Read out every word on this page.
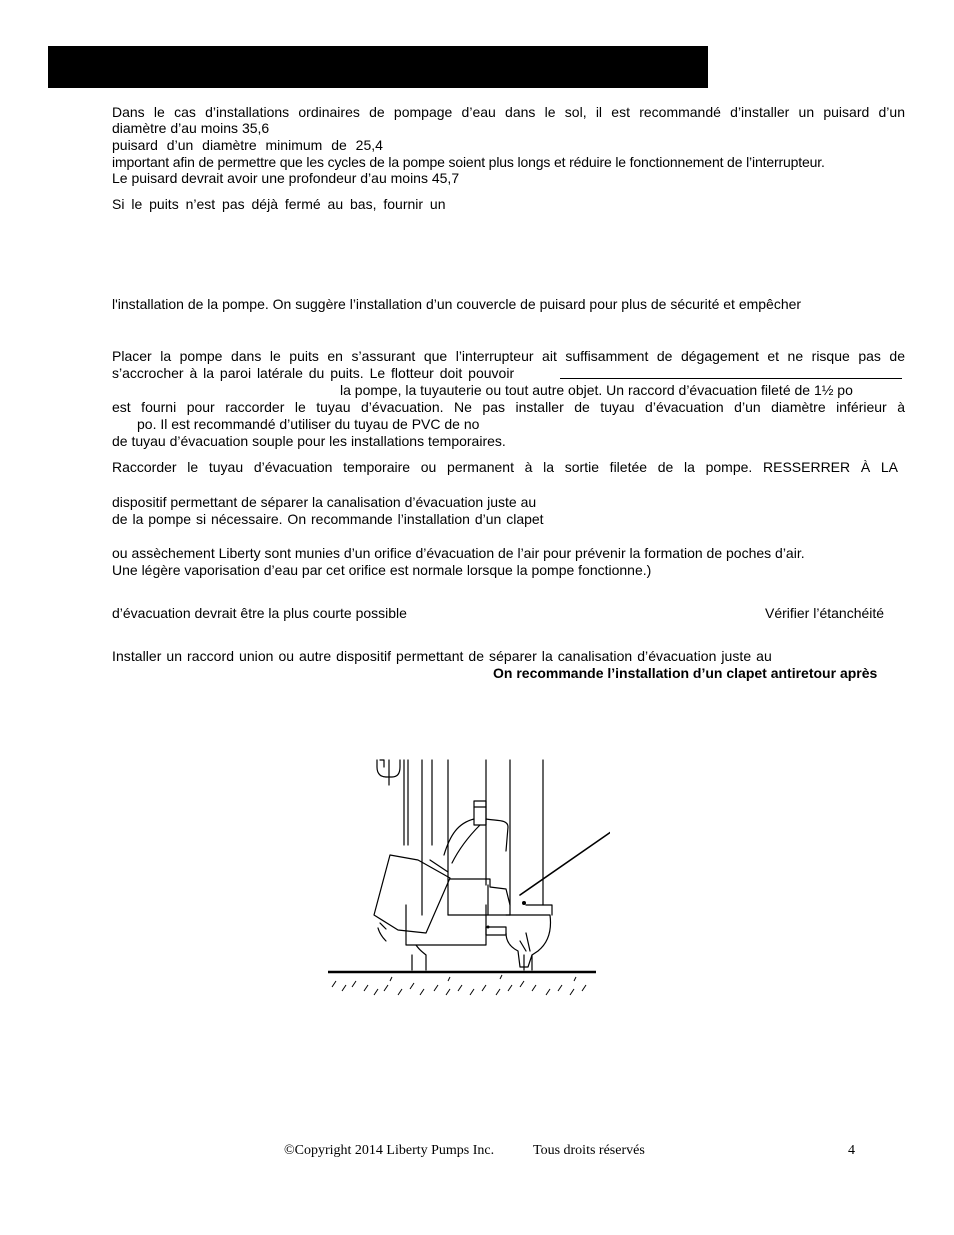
Dans le cas d’installations ordinaires de pompage d’eau dans le sol, il est recommandé d’installer un puisard d’un
diamètre d’au moins 35,6
puisard d’un diamètre minimum de 25,4
important afin de permettre que les cycles de la pompe soient plus longs et réduire le fonctionnement de l’interrupteur.
Le puisard devrait avoir une profondeur d’au moins 45,7
Si le puits n’est pas déjà fermé au bas, fournir un
l'installation de la pompe. On suggère l’installation d’un couvercle de puisard pour plus de sécurité et empêcher
Placer la pompe dans le puits en s’assurant que l’interrupteur ait suffisamment de dégagement et ne risque pas de
s’accrocher à la paroi latérale du puits. Le flotteur doit pouvoir
la pompe, la tuyauterie ou tout autre objet. Un raccord d’évacuation fileté de 1½ po
est fourni pour raccorder le tuyau d’évacuation. Ne pas installer de tuyau d’évacuation d’un diamètre inférieur à
po. Il est recommandé d’utiliser du tuyau de PVC de no
de tuyau d’évacuation souple pour les installations temporaires.
Raccorder le tuyau d’évacuation temporaire ou permanent à la sortie filetée de la pompe. RESSERRER À LA
dispositif permettant de séparer la canalisation d’évacuation juste au
de la pompe si nécessaire. On recommande l’installation d’un clapet
ou assèchement Liberty sont munies d’un orifice d’évacuation de l’air pour prévenir la formation de poches d’air.
Une légère vaporisation d’eau par cet orifice est normale lorsque la pompe fonctionne.)
d’évacuation devrait être la plus courte possible	Vérifier l’étanchéité
Installer un raccord union ou autre dispositif permettant de séparer la canalisation d’évacuation juste au
On recommande l’installation d’un clapet antiretour après
©Copyright 2014 Liberty Pumps Inc.	Tous droits réservés	4
